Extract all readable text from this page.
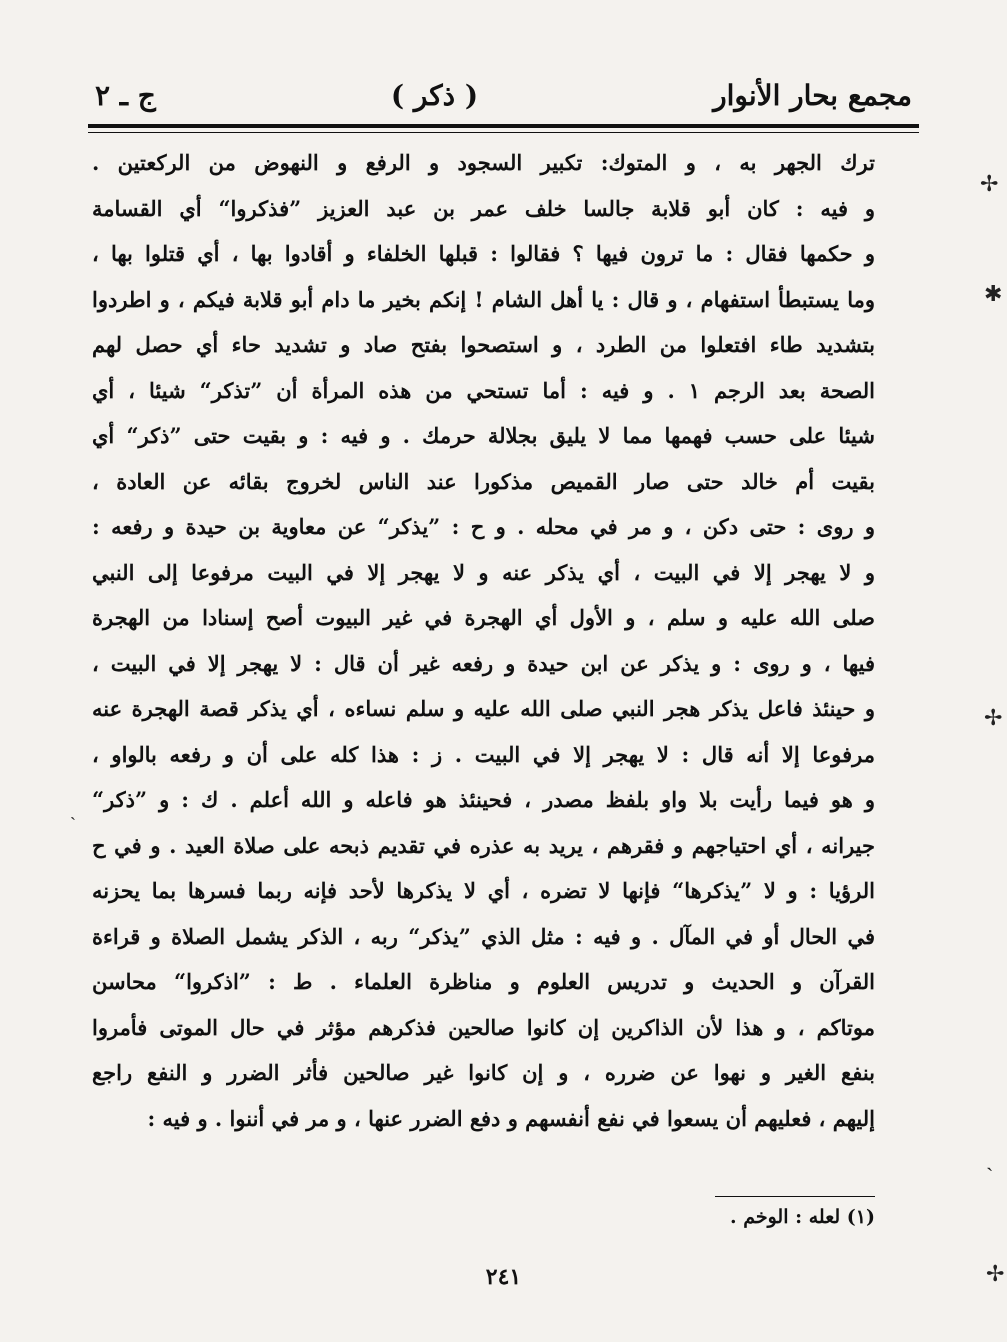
مجمع بحار الأنوار
( ذكر )
ج ـ ۲
ترك الجهر به ، و المتوك: تكبير السجود و الرفع و النهوض من الركعتين .
و فيه : كان أبو قلابة جالسا خلف عمر بن عبد العزيز ”فذكروا“ أي القسامة
و حكمها فقال : ما ترون فيها ؟ فقالوا : قبلها الخلفاء و أقادوا بها ، أي قتلوا بها ،
وما يستبطأ استفهام ، و قال : يا أهل الشام ! إنكم بخير ما دام أبو قلابة فيكم ، و اطردوا
بتشديد طاء افتعلوا من الطرد ، و استصحوا بفتح صاد و تشديد حاء أي حصل لهم
الصحة بعد الرجم ۱ . و فيه : أما تستحي من هذه المرأة أن ”تذكر“ شيئا ، أي
شيئا على حسب فهمها مما لا يليق بجلالة حرمك . و فيه : و بقيت حتى ”ذكر“ أي
بقيت أم خالد حتى صار القميص مذكورا عند الناس لخروج بقائه عن العادة ،
و روى : حتى دكن ، و مر في محله . و ح : ”يذكر“ عن معاوية بن حيدة و رفعه :
و لا يهجر إلا في البيت ، أي يذكر عنه و لا يهجر إلا في البيت مرفوعا إلى النبي
صلى الله عليه و سلم ، و الأول أي الهجرة في غير البيوت أصح إسنادا من الهجرة
فيها ، و روى : و يذكر عن ابن حيدة و رفعه غير أن قال : لا يهجر إلا في البيت ،
و حينئذ فاعل يذكر هجر النبي صلى الله عليه و سلم نساءه ، أي يذكر قصة الهجرة عنه
مرفوعا إلا أنه قال : لا يهجر إلا في البيت . ز : هذا كله على أن و رفعه بالواو ،
و هو فيما رأيت بلا واو بلفظ مصدر ، فحينئذ هو فاعله و الله أعلم . ك : و ”ذكر“
جيرانه ، أي احتياجهم و فقرهم ، يريد به عذره في تقديم ذبحه على صلاة العيد . و في ح
الرؤيا : و لا ”يذكرها“ فإنها لا تضره ، أي لا يذكرها لأحد فإنه ربما فسرها بما يحزنه
في الحال أو في المآل . و فيه : مثل الذي ”يذكر“ ربه ، الذكر يشمل الصلاة و قراءة
القرآن و الحديث و تدريس العلوم و مناظرة العلماء . ط : ”اذكروا“ محاسن
موتاكم ، و هذا لأن الذاكرين إن كانوا صالحين فذكرهم مؤثر في حال الموتى فأمروا
بنفع الغير و نهوا عن ضرره ، و إن كانوا غير صالحين فأثر الضرر و النفع راجع
إليهم ، فعليهم أن يسعوا في نفع أنفسهم و دفع الضرر عنها ، و مر في أننوا . و فيه :
(۱) لعله : الوخم .
۲٤۱
✢
✱
✢
ˏ
✢
ˏ
